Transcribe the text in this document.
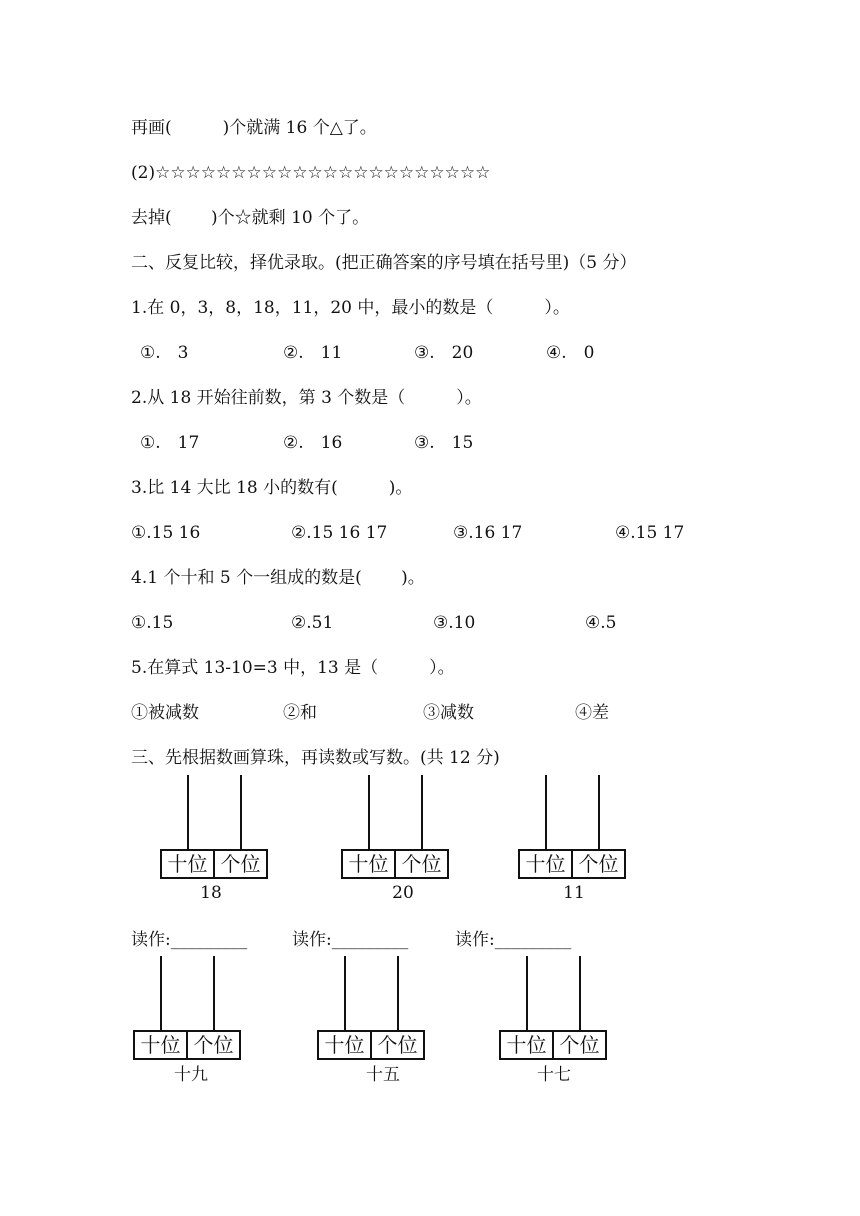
再画(　　　)个就满 16 个△了。
(2)☆☆☆☆☆☆☆☆☆☆☆☆☆☆☆☆☆☆☆☆☆☆
去掉(　　 )个☆就剩 10 个了。
二、反复比较，择优录取。(把正确答案的序号填在括号里)（5 分）
1.在 0，3，8，18，11，20 中，最小的数是（　　　）。
①.　3	②.　11	③.　20	④.　0
2.从 18 开始往前数，第 3 个数是（　　　）。
①.　17	②.　16	③.　15
3.比 14 大比 18 小的数有(　　　)。
①.15 16	②.15 16 17	③.16 17	④.15 17
4.1 个十和 5 个一组成的数是(　　 )。
①.15	②.51	③.10	④.5
5.在算式 13-10=3 中，13 是（　　　）。
①被减数	②和	③减数	④差
三、先根据数画算珠，再读数或写数。(共 12 分)
十位 个位
18
十位 个位
20
十位 个位
11
读作:_________	读作:_________	读作:_________
十位 个位
十九
十位 个位
十五
十位 个位
十七
